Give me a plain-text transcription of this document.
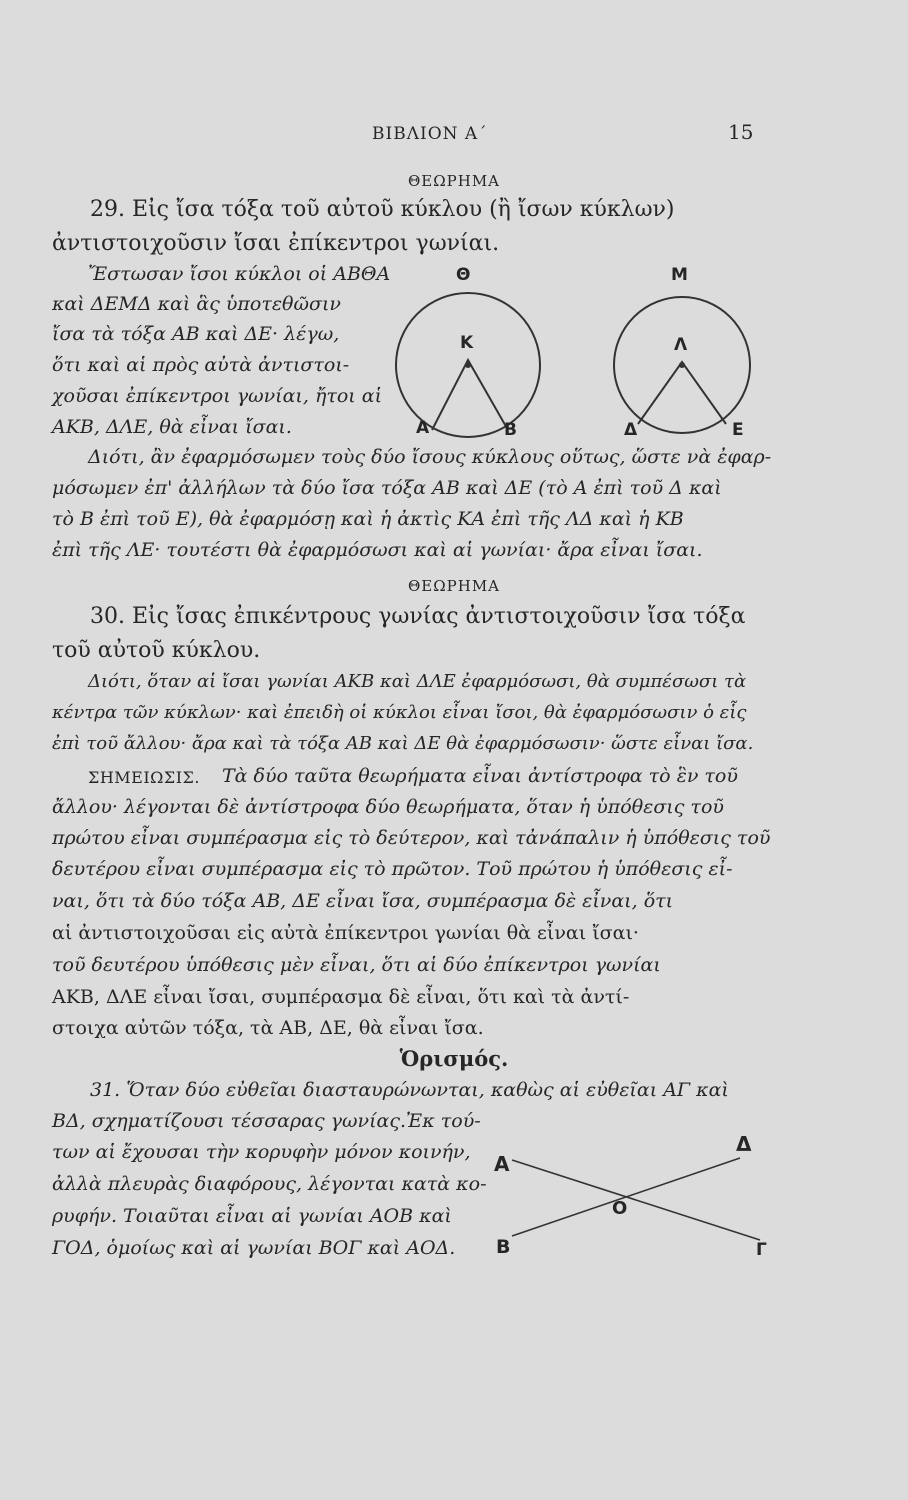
ΒΙΒΛΙΟΝ Α΄	15
ΘΕΩΡΗΜΑ
29. Εἰς ἴσα τόξα τοῦ αὐτοῦ κύκλου (ἢ ἴσων κύκλων)
ἀντιστοιχοῦσιν ἴσαι ἐπίκεντροι γωνίαι.
Ἔστωσαν ἴσοι κύκλοι οἱ ΑΒΘΑ
καὶ ΔΕΜΔ καὶ ἃς ὑποτεθῶσιν
ἴσα τὰ τόξα ΑΒ καὶ ΔΕ· λέγω,
ὅτι καὶ αἱ πρὸς αὐτὰ ἀντιστοι-
χοῦσαι ἐπίκεντροι γωνίαι, ἤτοι αἱ
ΑΚΒ, ΔΛΕ, θὰ εἶναι ἴσαι.
Θ	Μ
Κ	Λ
Α	Β	Δ	Ε
Διότι, ἂν ἐφαρμόσωμεν τοὺς δύο ἴσους κύκλους οὕτως, ὥστε νὰ ἐφαρ-
μόσωμεν ἐπ' ἀλλήλων τὰ δύο ἴσα τόξα ΑΒ καὶ ΔΕ (τὸ Α ἐπὶ τοῦ Δ καὶ
τὸ Β ἐπὶ τοῦ Ε), θὰ ἐφαρμόσῃ καὶ ἡ ἀκτὶς ΚΑ ἐπὶ τῆς ΛΔ καὶ ἡ ΚΒ
ἐπὶ τῆς ΛΕ· τουτέστι θὰ ἐφαρμόσωσι καὶ αἱ γωνίαι· ἄρα εἶναι ἴσαι.
ΘΕΩΡΗΜΑ
30. Εἰς ἴσας ἐπικέντρους γωνίας ἀντιστοιχοῦσιν ἴσα τόξα
τοῦ αὐτοῦ κύκλου.
Διότι, ὅταν αἱ ἴσαι γωνίαι ΑΚΒ καὶ ΔΛΕ ἐφαρμόσωσι, θὰ συμπέσωσι τὰ
κέντρα τῶν κύκλων· καὶ ἐπειδὴ οἱ κύκλοι εἶναι ἴσοι, θὰ ἐφαρμόσωσιν ὁ εἷς
ἐπὶ τοῦ ἄλλου· ἄρα καὶ τὰ τόξα ΑΒ καὶ ΔΕ θὰ ἐφαρμόσωσιν· ὥστε εἶναι ἴσα.
ΣΗΜΕΙΩΣΙΣ. Τὰ δύο ταῦτα θεωρήματα εἶναι ἀντίστροφα τὸ ἓν τοῦ
ἄλλου· λέγονται δὲ ἀντίστροφα δύο θεωρήματα, ὅταν ἡ ὑπόθεσις τοῦ
πρώτου εἶναι συμπέρασμα εἰς τὸ δεύτερον, καὶ τἀνάπαλιν ἡ ὑπόθεσις τοῦ
δευτέρου εἶναι συμπέρασμα εἰς τὸ πρῶτον. Τοῦ πρώτου ἡ ὑπόθεσις εἶ-
ναι, ὅτι τὰ δύο τόξα ΑΒ, ΔΕ εἶναι ἴσα, συμπέρασμα δὲ εἶναι, ὅτι
αἱ ἀντιστοιχοῦσαι εἰς αὐτὰ ἐπίκεντροι γωνίαι θὰ εἶναι ἴσαι·
τοῦ δευτέρου ὑπόθεσις μὲν εἶναι, ὅτι αἱ δύο ἐπίκεντροι γωνίαι
ΑΚΒ, ΔΛΕ εἶναι ἴσαι, συμπέρασμα δὲ εἶναι, ὅτι καὶ τὰ ἀντί-
στοιχα αὐτῶν τόξα, τὰ ΑΒ, ΔΕ, θὰ εἶναι ἴσα.
Ὁρισμός.
31. Ὅταν δύο εὐθεῖαι διασταυρώνωνται, καθὼς αἱ εὐθεῖαι ΑΓ καὶ
ΒΔ, σχηματίζουσι τέσσαρας γωνίας.Ἐκ τού-
των αἱ ἔχουσαι τὴν κορυφὴν μόνον κοινήν,
ἀλλὰ πλευρὰς διαφόρους, λέγονται κατὰ κο-
ρυφήν. Τοιαῦται εἶναι αἱ γωνίαι ΑΟΒ καὶ
ΓΟΔ, ὁμοίως καὶ αἱ γωνίαι ΒΟΓ καὶ ΑΟΔ.
Α
Β
Ο
Δ
Γ
